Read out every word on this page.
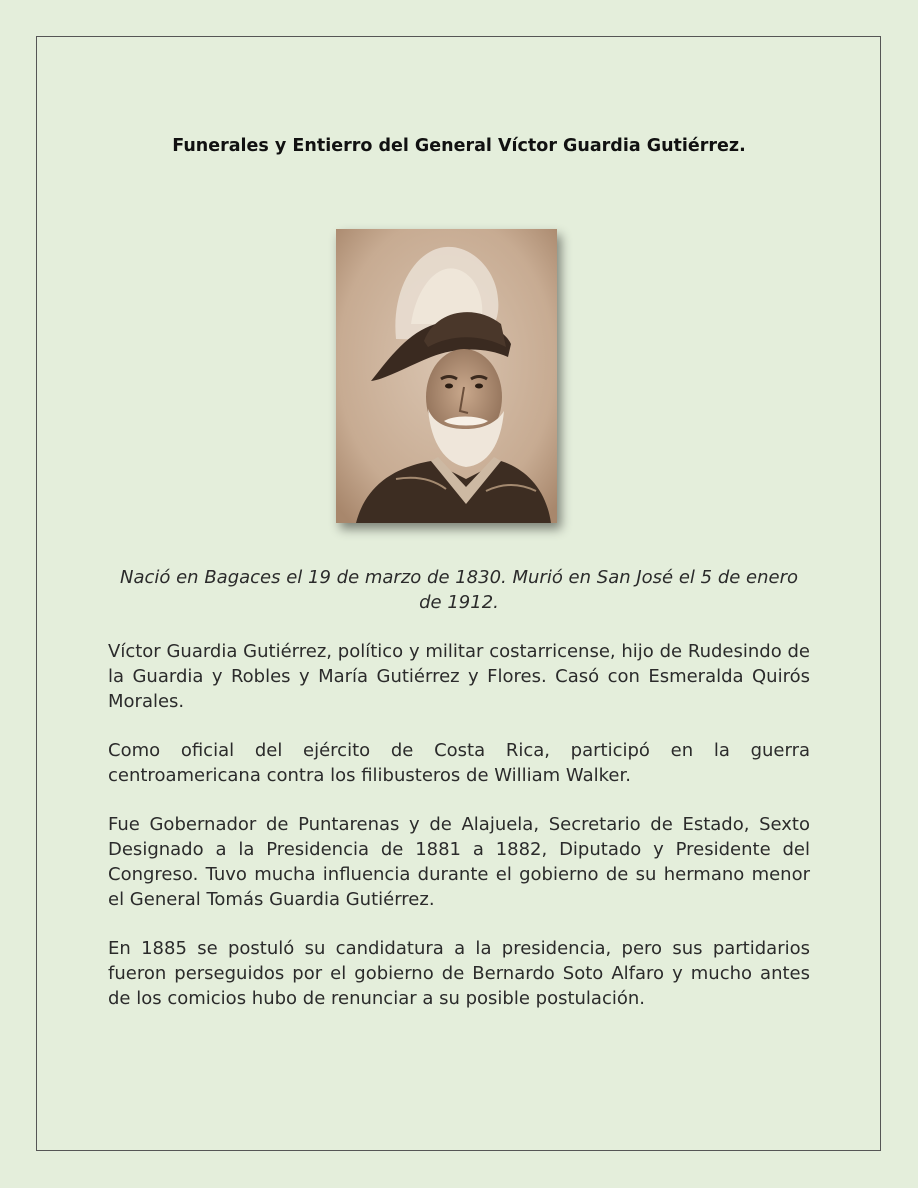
Funerales y Entierro del General Víctor Guardia Gutiérrez.

Nació en Bagaces el 19 de marzo de 1830. Murió en San José el 5 de enero de 1912.

Víctor Guardia Gutiérrez, político y militar costarricense, hijo de Rudesindo de la Guardia y Robles y María Gutiérrez y Flores. Casó con Esmeralda Quirós Morales.

Como oficial del ejército de Costa Rica, participó en la guerra centroamericana contra los filibusteros de William Walker.

Fue Gobernador de Puntarenas y de Alajuela, Secretario de Estado, Sexto Designado a la Presidencia de 1881 a 1882, Diputado y Presidente del Congreso. Tuvo mucha influencia durante el gobierno de su hermano menor el General Tomás Guardia Gutiérrez.

En 1885 se postuló su candidatura a la presidencia, pero sus partidarios fueron perseguidos por el gobierno de Bernardo Soto Alfaro y mucho antes de los comicios hubo de renunciar a su posible postulación.
